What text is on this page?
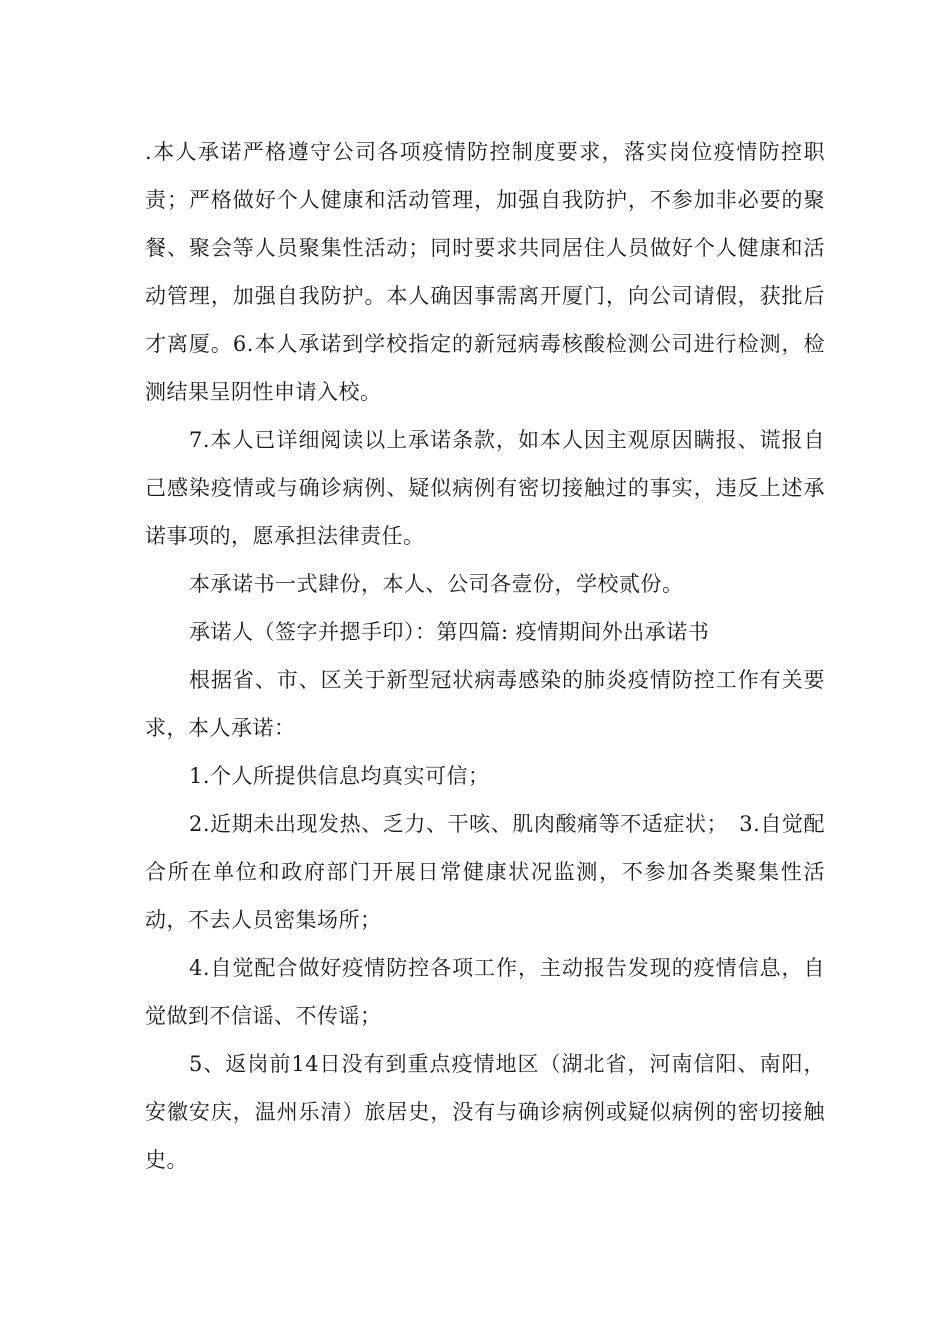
.本人承诺严格遵守公司各项疫情防控制度要求，落实岗位疫情防控职责；严格做好个人健康和活动管理，加强自我防护，不参加非必要的聚餐、聚会等人员聚集性活动；同时要求共同居住人员做好个人健康和活动管理，加强自我防护。本人确因事需离开厦门，向公司请假，获批后才离厦。6.本人承诺到学校指定的新冠病毒核酸检测公司进行检测，检测结果呈阴性申请入校。

7.本人已详细阅读以上承诺条款，如本人因主观原因瞒报、谎报自己感染疫情或与确诊病例、疑似病例有密切接触过的事实，违反上述承诺事项的，愿承担法律责任。

本承诺书一式肆份，本人、公司各壹份，学校贰份。

承诺人（签字并摁手印）：第四篇: 疫情期间外出承诺书

根据省、市、区关于新型冠状病毒感染的肺炎疫情防控工作有关要求，本人承诺：

1.个人所提供信息均真实可信；

2.近期未出现发热、乏力、干咳、肌肉酸痛等不适症状；　3.自觉配合所在单位和政府部门开展日常健康状况监测，不参加各类聚集性活动，不去人员密集场所；

4.自觉配合做好疫情防控各项工作，主动报告发现的疫情信息，自觉做到不信谣、不传谣；

5、返岗前14日没有到重点疫情地区（湖北省，河南信阳、南阳，安徽安庆，温州乐清）旅居史，没有与确诊病例或疑似病例的密切接触史。
